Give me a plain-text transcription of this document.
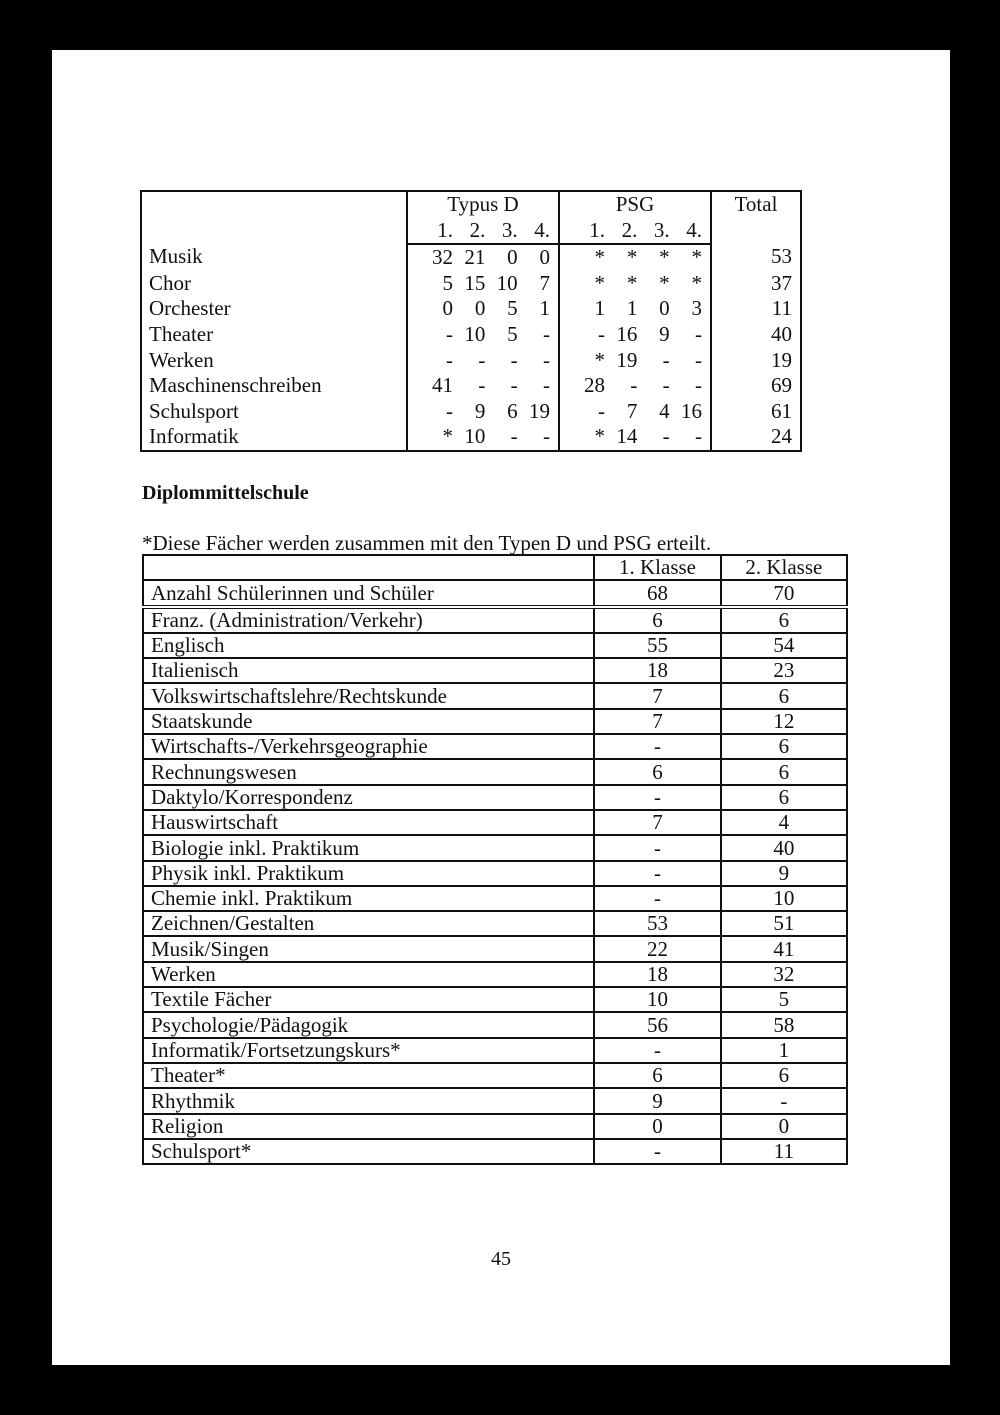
	Typus D	PSG	Total

	1. 2. 3. 4.	1. 2. 3. 4.	

Musik	32 21 0 0	* * * *	53
Chor	5 15 10 7	* * * *	37
Orchester	0 0 5 1	1 1 0 3	11
Theater	- 10 5 -	- 16 9 -	40
Werken	- - - -	* 19 - -	19
Maschinenschreiben	41 - - -	28 - - -	69
Schulsport	- 9 6 19	- 7 4 16	61
Informatik	* 10 - -	* 14 - -	24
Diplommittelschule
*Diese Fächer werden zusammen mit den Typen D und PSG erteilt.
	1. Klasse	2. Klasse
Anzahl Schülerinnen und Schüler	68	70
Franz. (Administration/Verkehr)	6	6
Englisch	55	54
Italienisch	18	23
Volkswirtschaftslehre/Rechtskunde	7	6
Staatskunde	7	12
Wirtschafts-/Verkehrsgeographie	-	6
Rechnungswesen	6	6
Daktylo/Korrespondenz	-	6
Hauswirtschaft	7	4
Biologie inkl. Praktikum	-	40
Physik inkl. Praktikum	-	9
Chemie inkl. Praktikum	-	10
Zeichnen/Gestalten	53	51
Musik/Singen	22	41
Werken	18	32
Textile Fächer	10	5
Psychologie/Pädagogik	56	58
Informatik/Fortsetzungskurs*	-	1
Theater*	6	6
Rhythmik	9	-
Religion	0	0
Schulsport*	-	11
45
